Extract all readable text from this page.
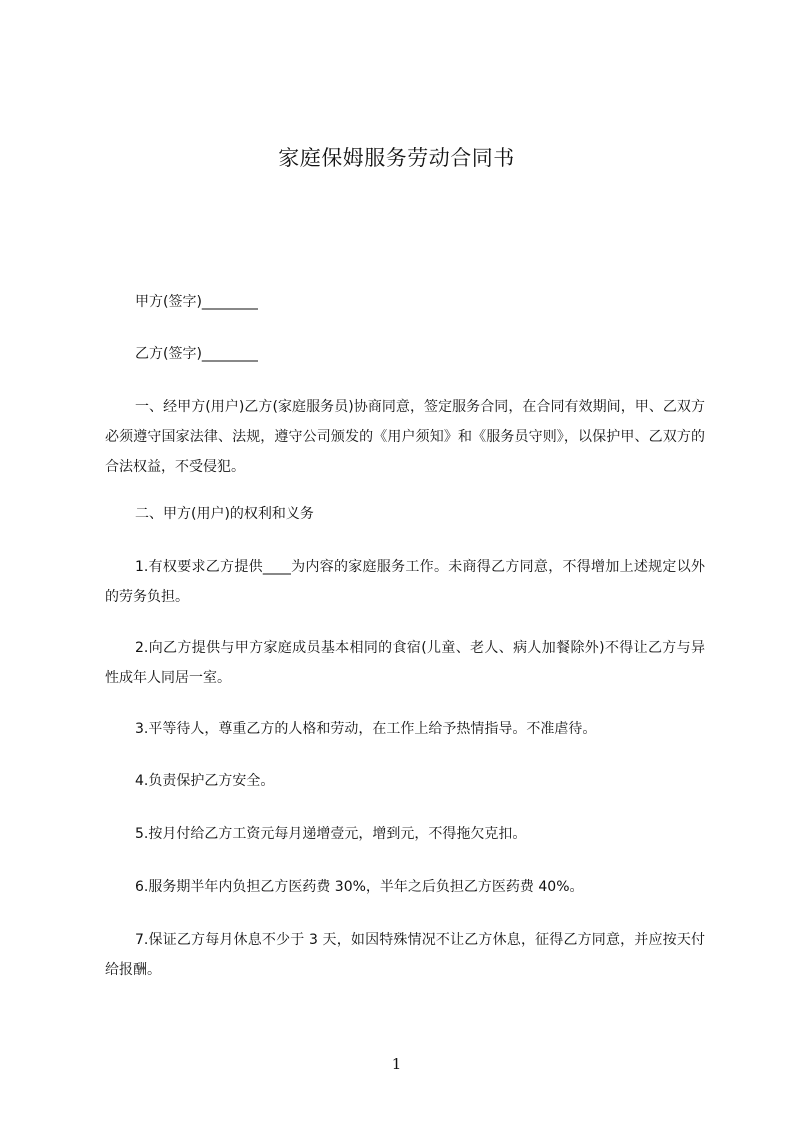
家庭保姆服务劳动合同书
甲方(签字)________
乙方(签字)________
一、经甲方(用户)乙方(家庭服务员)协商同意，签定服务合同，在合同有效期间，甲、乙双方必须遵守国家法律、法规，遵守公司颁发的《用户须知》和《服务员守则》，以保护甲、乙双方的合法权益，不受侵犯。
二、甲方(用户)的权利和义务
1.有权要求乙方提供____为内容的家庭服务工作。未商得乙方同意，不得增加上述规定以外的劳务负担。
2.向乙方提供与甲方家庭成员基本相同的食宿(儿童、老人、病人加餐除外)不得让乙方与异性成年人同居一室。
3.平等待人，尊重乙方的人格和劳动，在工作上给予热情指导。不准虐待。
4.负责保护乙方安全。
5.按月付给乙方工资元每月递增壹元，增到元，不得拖欠克扣。
6.服务期半年内负担乙方医药费 30%，半年之后负担乙方医药费 40%。
7.保证乙方每月休息不少于 3 天，如因特殊情况不让乙方休息，征得乙方同意，并应按天付给报酬。
1
